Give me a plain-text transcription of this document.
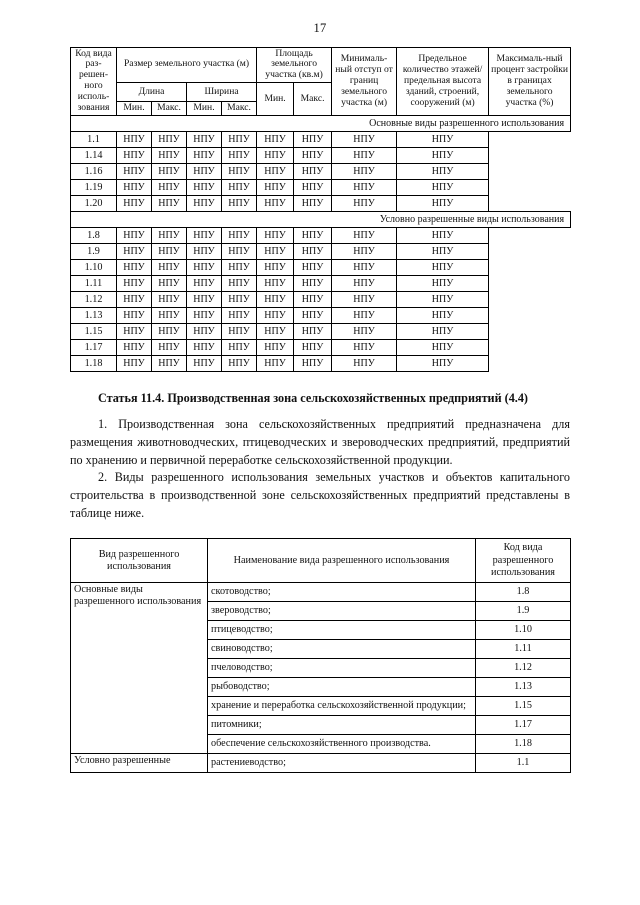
17
Код вида раз-решен-ного исполь-зования	Размер земельного участка (м)				Площадь земельного участка (кв.м)		Минималь-ный отступ от границ земельного участка (м)	Предельное количество этажей/ предельная высота зданий, строений, сооружений (м)	Максималь-ный процент застройки в границах земельного участка (%)
	Длина		Ширина		Мин.	Макс.			
	Мин.	Макс.	Мин.	Макс.					
Основные виды разрешенного использования									
1.1	НПУ	НПУ	НПУ	НПУ	НПУ	НПУ	НПУ	НПУ	
1.14	НПУ	НПУ	НПУ	НПУ	НПУ	НПУ	НПУ	НПУ	
1.16	НПУ	НПУ	НПУ	НПУ	НПУ	НПУ	НПУ	НПУ	
1.19	НПУ	НПУ	НПУ	НПУ	НПУ	НПУ	НПУ	НПУ	
1.20	НПУ	НПУ	НПУ	НПУ	НПУ	НПУ	НПУ	НПУ	
Условно разрешенные виды использования									
1.8	НПУ	НПУ	НПУ	НПУ	НПУ	НПУ	НПУ	НПУ	
1.9	НПУ	НПУ	НПУ	НПУ	НПУ	НПУ	НПУ	НПУ	
1.10	НПУ	НПУ	НПУ	НПУ	НПУ	НПУ	НПУ	НПУ	
1.11	НПУ	НПУ	НПУ	НПУ	НПУ	НПУ	НПУ	НПУ	
1.12	НПУ	НПУ	НПУ	НПУ	НПУ	НПУ	НПУ	НПУ	
1.13	НПУ	НПУ	НПУ	НПУ	НПУ	НПУ	НПУ	НПУ	
1.15	НПУ	НПУ	НПУ	НПУ	НПУ	НПУ	НПУ	НПУ	
1.17	НПУ	НПУ	НПУ	НПУ	НПУ	НПУ	НПУ	НПУ	
1.18	НПУ	НПУ	НПУ	НПУ	НПУ	НПУ	НПУ	НПУ	
Статья 11.4. Производственная зона сельскохозяйственных предприятий (4.4)
1. Производственная зона сельскохозяйственных предприятий предназначена для размещения животноводческих, птицеводческих и звероводческих предприятий, предприятий по хранению и первичной переработке сельскохозяйственной продукции.
2. Виды разрешенного использования земельных участков и объектов капитального строительства в производственной зоне сельскохозяйственных предприятий представлены в таблице ниже.
Вид разрешенного использования	Наименование вида разрешенного использования	Код вида разрешенного использования
Основные виды разрешенного использования	скотоводство;	1.8
	звероводство;	1.9
	птицеводство;	1.10
	свиноводство;	1.11
	пчеловодство;	1.12
	рыбоводство;	1.13
	хранение и переработка сельскохозяйственной продукции;	1.15
	питомники;	1.17
	обеспечение сельскохозяйственного производства.	1.18
Условно разрешенные	растениеводство;	1.1
